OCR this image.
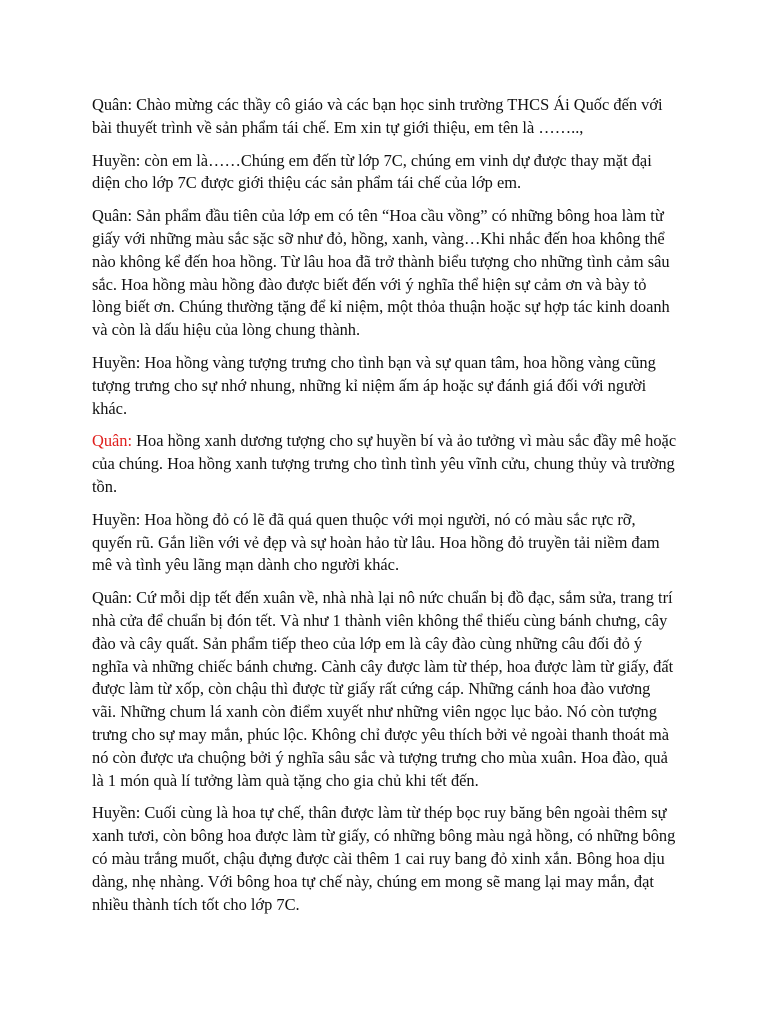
Quân: Chào mừng các thầy cô giáo và các bạn học sinh trường THCS Ái Quốc đến với bài thuyết trình về sản phẩm tái chế. Em xin tự giới thiệu, em tên là ……..,

Huyền: còn em là……Chúng em đến từ lớp 7C, chúng em vinh dự được thay mặt đại diện cho lớp 7C được giới thiệu các sản phẩm tái chế của lớp em.

Quân: Sản phẩm đầu tiên của lớp em có tên “Hoa cầu vồng” có những bông hoa làm từ giấy với những màu sắc sặc sỡ như đỏ, hồng, xanh, vàng…Khi nhắc đến hoa không thể nào không kể đến hoa hồng. Từ lâu hoa đã trở thành biểu tượng cho những tình cảm sâu sắc. Hoa hồng màu hồng đào được biết đến với ý nghĩa thể hiện sự cảm ơn và bày tỏ lòng biết ơn. Chúng thường tặng để kỉ niệm, một thỏa thuận hoặc sự hợp tác kinh doanh và còn là dấu hiệu của lòng chung thành.

Huyền: Hoa hồng vàng tượng trưng cho tình bạn và sự quan tâm, hoa hồng vàng cũng tượng trưng cho sự nhớ nhung, những kỉ niệm ấm áp hoặc sự đánh giá đối với người khác.

Quân: Hoa hồng xanh dương tượng cho sự huyền bí và ảo tưởng vì màu sắc đầy mê hoặc của chúng. Hoa hồng xanh tượng trưng cho tình tình yêu vĩnh cửu, chung thủy và trường tồn.

Huyền: Hoa hồng đỏ có lẽ đã quá quen thuộc với mọi người, nó có màu sắc rực rỡ, quyến rũ. Gắn liền với vẻ đẹp và sự hoàn hảo từ lâu. Hoa hồng đỏ truyền tải niềm đam mê và tình yêu lãng mạn dành cho người khác.

Quân: Cứ mỗi dịp tết đến xuân về, nhà nhà lại nô nức chuẩn bị đồ đạc, sắm sửa, trang trí nhà cửa để chuẩn bị đón tết. Và như 1 thành viên không thể thiếu cùng bánh chưng, cây đào và cây quất. Sản phẩm tiếp theo của lớp em là cây đào cùng những câu đối đỏ ý nghĩa và những chiếc bánh chưng. Cành cây được làm từ thép, hoa được làm từ giấy, đất được làm từ xốp, còn chậu thì được từ giấy rất cứng cáp. Những cánh hoa đào vương vãi. Những chum lá xanh còn điểm xuyết như những viên ngọc lục bảo. Nó còn tượng trưng cho sự may mắn, phúc lộc. Không chỉ được yêu thích bởi vẻ ngoài thanh thoát mà nó còn được ưa chuộng bởi ý nghĩa sâu sắc và tượng trưng cho mùa xuân. Hoa đào, quả là 1 món quà lí tưởng làm quà tặng cho gia chủ khi tết đến.

Huyền: Cuối cùng là hoa tự chế, thân được làm từ thép bọc ruy băng bên ngoài thêm sự xanh tươi, còn bông hoa được làm từ giấy, có những bông màu ngả hồng, có những bông có màu trắng muốt, chậu đựng được cài thêm 1 cai ruy bang đỏ xinh xắn. Bông hoa dịu dàng, nhẹ nhàng. Với bông hoa tự chế này, chúng em mong sẽ mang lại may mắn, đạt nhiều thành tích tốt cho lớp 7C.
